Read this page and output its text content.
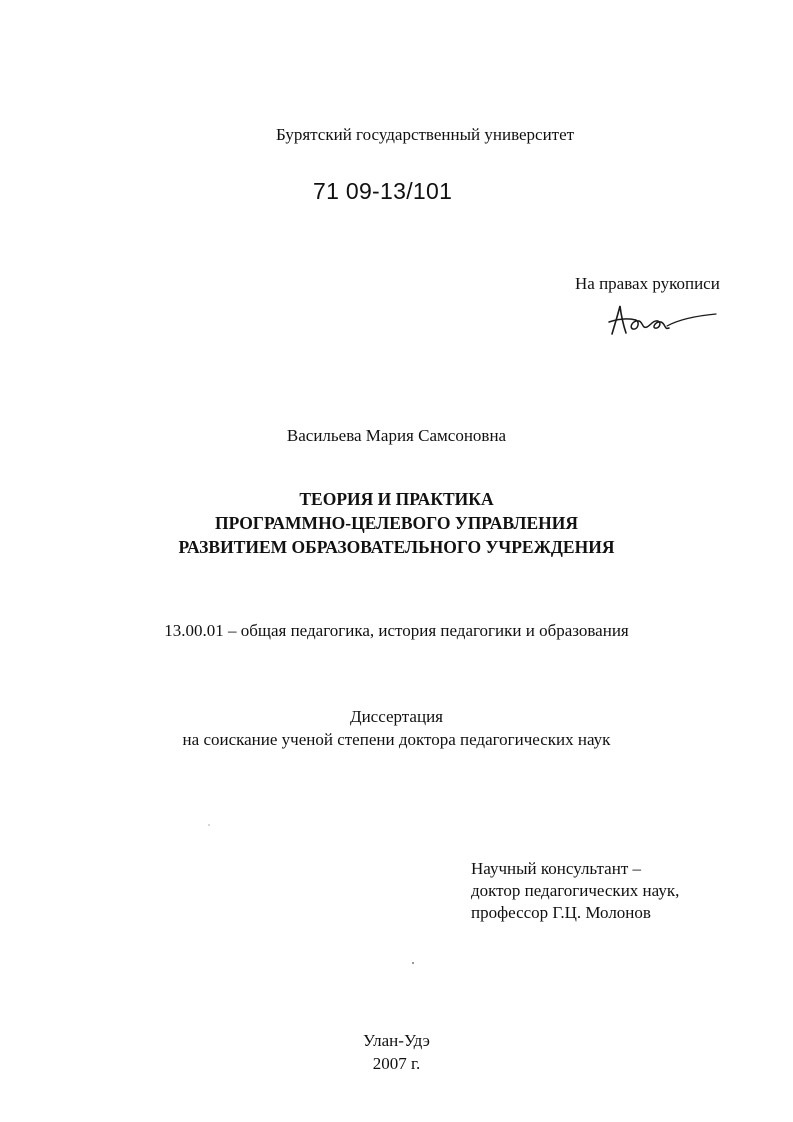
Бурятский государственный университет
71 09-13/101
На правах рукописи
Васильева Мария Самсоновна
ТЕОРИЯ И ПРАКТИКА
ПРОГРАММНО-ЦЕЛЕВОГО УПРАВЛЕНИЯ
РАЗВИТИЕМ ОБРАЗОВАТЕЛЬНОГО УЧРЕЖДЕНИЯ
13.00.01 – общая педагогика, история педагогики и образования
Диссертация
на соискание ученой степени доктора педагогических наук
Научный консультант –
доктор педагогических наук,
профессор Г.Ц. Молонов
Улан-Удэ
2007 г.
